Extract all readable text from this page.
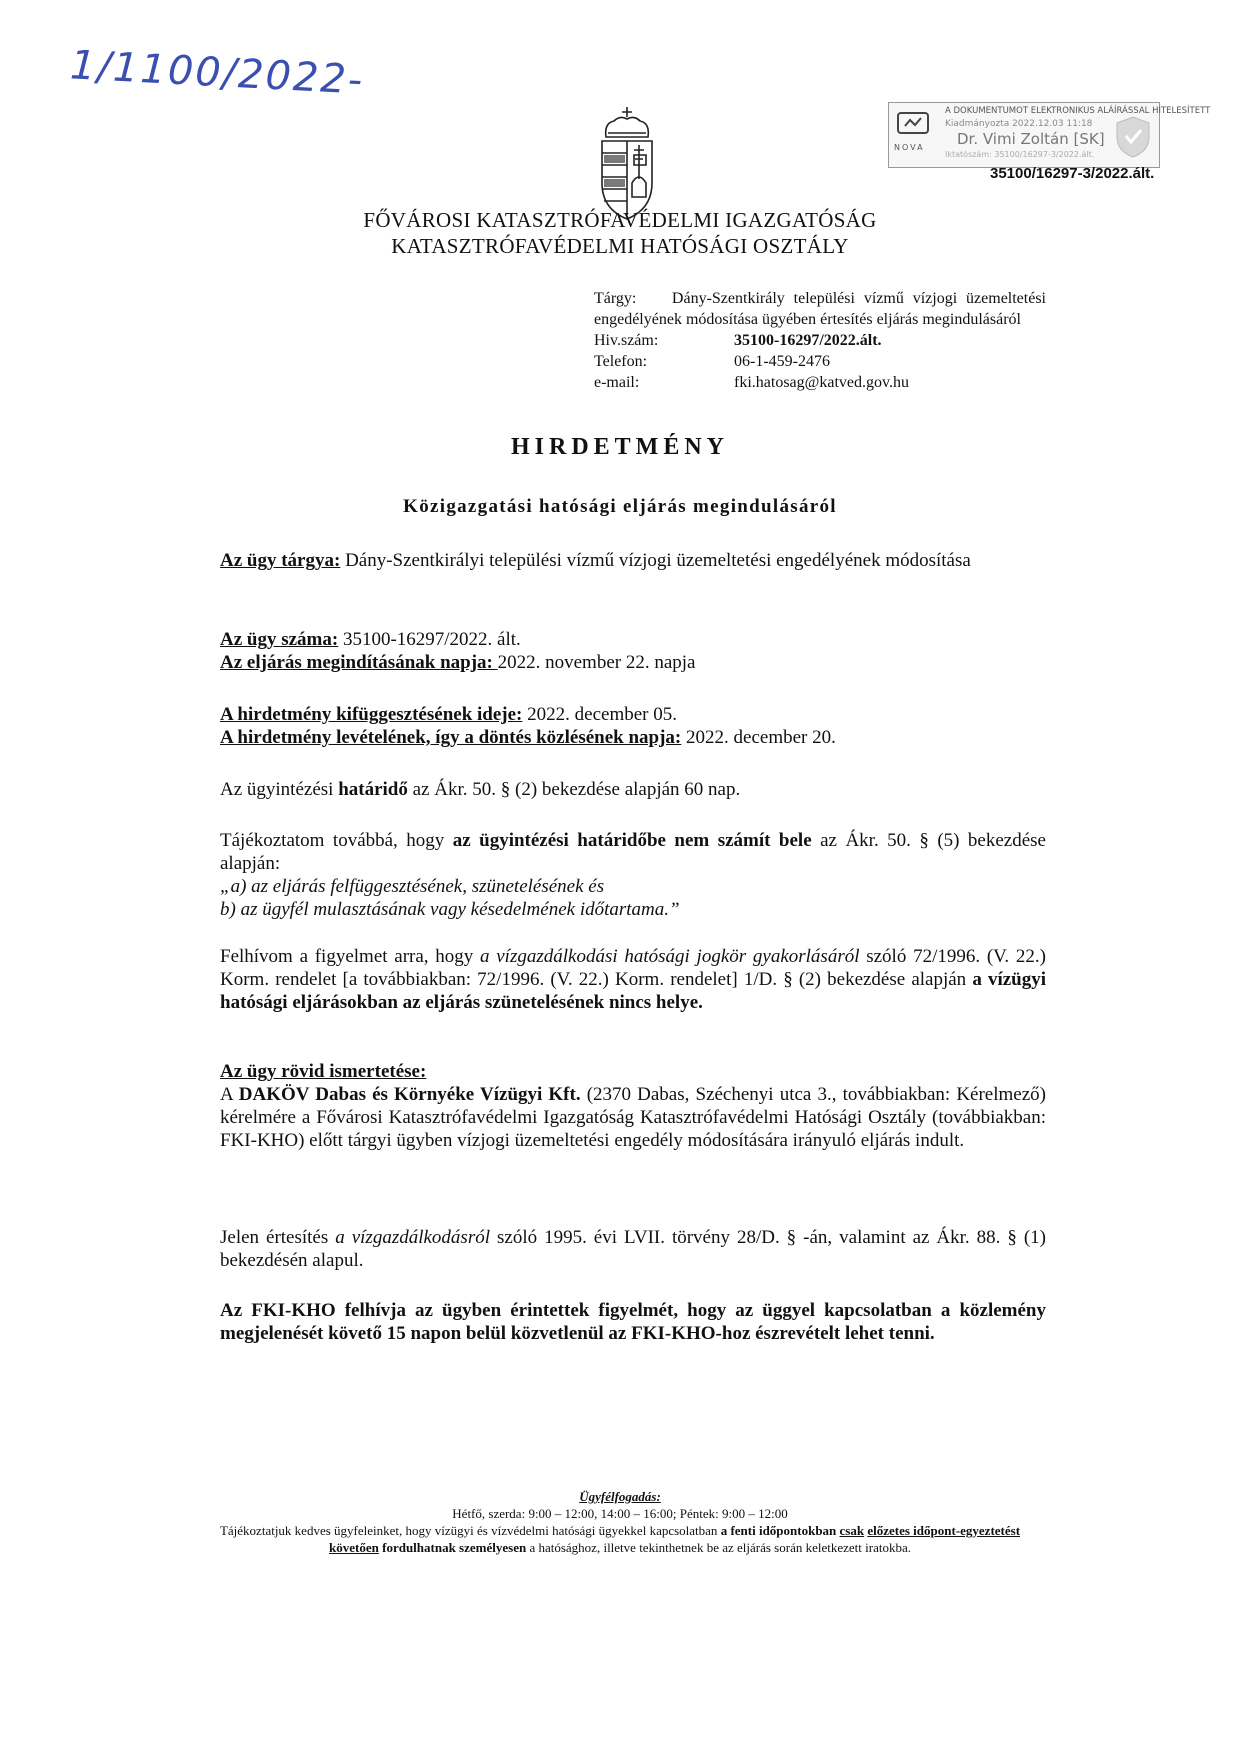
1/1100/2022-
A DOKUMENTUMOT ELEKTRONIKUS ALÁÍRÁSSAL HITELESÍTETT
Kiadmányozta 2022.12.03 11:18
Dr. Vimi Zoltán [SK]
Iktatószám: 35100/16297-3/2022.ált.
NOVA
35100/16297-3/2022.ált.
FŐVÁROSI KATASZTRÓFAVÉDELMI IGAZGATÓSÁG
KATASZTRÓFAVÉDELMI HATÓSÁGI OSZTÁLY
Tárgy: Dány-Szentkirály települési vízmű vízjogi üzemeltetési engedélyének módosítása ügyében értesítés eljárás megindulásáról
Hiv.szám:	35100-16297/2022.ált.
Telefon:	06-1-459-2476
e-mail:	fki.hatosag@katved.gov.hu
HIRDETMÉNY
Közigazgatási hatósági eljárás megindulásáról
Az ügy tárgya: Dány-Szentkirályi települési vízmű vízjogi üzemeltetési engedélyének módosítása
Az ügy száma: 35100-16297/2022. ált.
Az eljárás megindításának napja: 2022. november 22. napja
A hirdetmény kifüggesztésének ideje: 2022. december 05.
A hirdetmény levételének, így a döntés közlésének napja: 2022. december 20.
Az ügyintézési határidő az Ákr. 50. § (2) bekezdése alapján 60 nap.
Tájékoztatom továbbá, hogy az ügyintézési határidőbe nem számít bele az Ákr. 50. § (5) bekezdése alapján:
„a) az eljárás felfüggesztésének, szünetelésének és
b) az ügyfél mulasztásának vagy késedelmének időtartama.”
Felhívom a figyelmet arra, hogy a vízgazdálkodási hatósági jogkör gyakorlásáról szóló 72/1996. (V. 22.) Korm. rendelet [a továbbiakban: 72/1996. (V. 22.) Korm. rendelet] 1/D. § (2) bekezdése alapján a vízügyi hatósági eljárásokban az eljárás szünetelésének nincs helye.
Az ügy rövid ismertetése:
A DAKÖV Dabas és Környéke Vízügyi Kft. (2370 Dabas, Széchenyi utca 3., továbbiakban: Kérelmező) kérelmére a Fővárosi Katasztrófavédelmi Igazgatóság Katasztrófavédelmi Hatósági Osztály (továbbiakban: FKI-KHO) előtt tárgyi ügyben vízjogi üzemeltetési engedély módosítására irányuló eljárás indult.
Jelen értesítés a vízgazdálkodásról szóló 1995. évi LVII. törvény 28/D. § -án, valamint az Ákr. 88. § (1) bekezdésén alapul.
Az FKI-KHO felhívja az ügyben érintettek figyelmét, hogy az üggyel kapcsolatban a közlemény megjelenését követő 15 napon belül közvetlenül az FKI-KHO-hoz észrevételt lehet tenni.
Ügyfélfogadás:
Hétfő, szerda: 9:00 – 12:00, 14:00 – 16:00; Péntek: 9:00 – 12:00
Tájékoztatjuk kedves ügyfeleinket, hogy vízügyi és vízvédelmi hatósági ügyekkel kapcsolatban a fenti időpontokban csak előzetes időpont-egyeztetést követően fordulhatnak személyesen a hatósághoz, illetve tekinthetnek be az eljárás során keletkezett iratokba.
